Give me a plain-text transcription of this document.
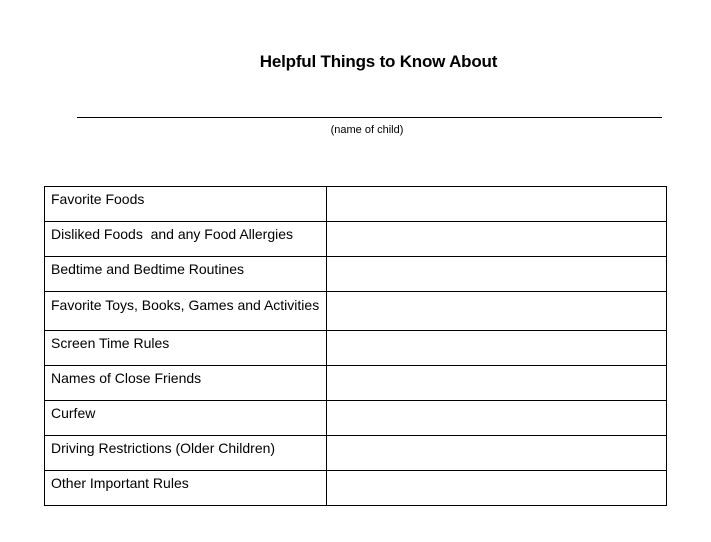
Helpful Things to Know About
(name of child)
Favorite Foods	
Disliked Foods  and any Food Allergies	
Bedtime and Bedtime Routines	
Favorite Toys, Books, Games and Activities	
Screen Time Rules	
Names of Close Friends	
Curfew	
Driving Restrictions (Older Children)	
Other Important Rules	
